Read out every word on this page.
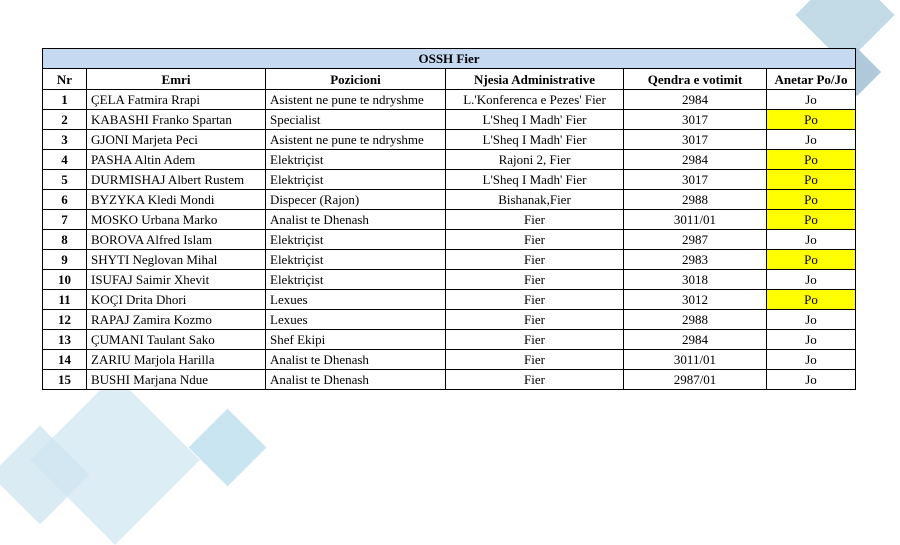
OSSH Fier					
Nr	Emri	Pozicioni	Njesia Administrative	Qendra e votimit	Anetar Po/Jo
1	ÇELA Fatmira Rrapi	Asistent ne pune te ndryshme	L.'Konferenca e Pezes' Fier	2984	Jo
2	KABASHI Franko Spartan	Specialist	L'Sheq I Madh' Fier	3017	Po
3	GJONI Marjeta Peci	Asistent ne pune te ndryshme	L'Sheq I Madh' Fier	3017	Jo
4	PASHA Altin Adem	Elektriçist	Rajoni 2, Fier	2984	Po
5	DURMISHAJ Albert Rustem	Elektriçist	L'Sheq I Madh' Fier	3017	Po
6	BYZYKA Kledi Mondi	Dispecer (Rajon)	Bishanak,Fier	2988	Po
7	MOSKO Urbana Marko	Analist te Dhenash	Fier	3011/01	Po
8	BOROVA Alfred Islam	Elektriçist	Fier	2987	Jo
9	SHYTI Neglovan Mihal	Elektriçist	Fier	2983	Po
10	ISUFAJ Saimir Xhevit	Elektriçist	Fier	3018	Jo
11	KOÇI Drita Dhori	Lexues	Fier	3012	Po
12	RAPAJ Zamira Kozmo	Lexues	Fier	2988	Jo
13	ÇUMANI Taulant Sako	Shef Ekipi	Fier	2984	Jo
14	ZARIU Marjola Harilla	Analist te Dhenash	Fier	3011/01	Jo
15	BUSHI Marjana Ndue	Analist te Dhenash	Fier	2987/01	Jo
